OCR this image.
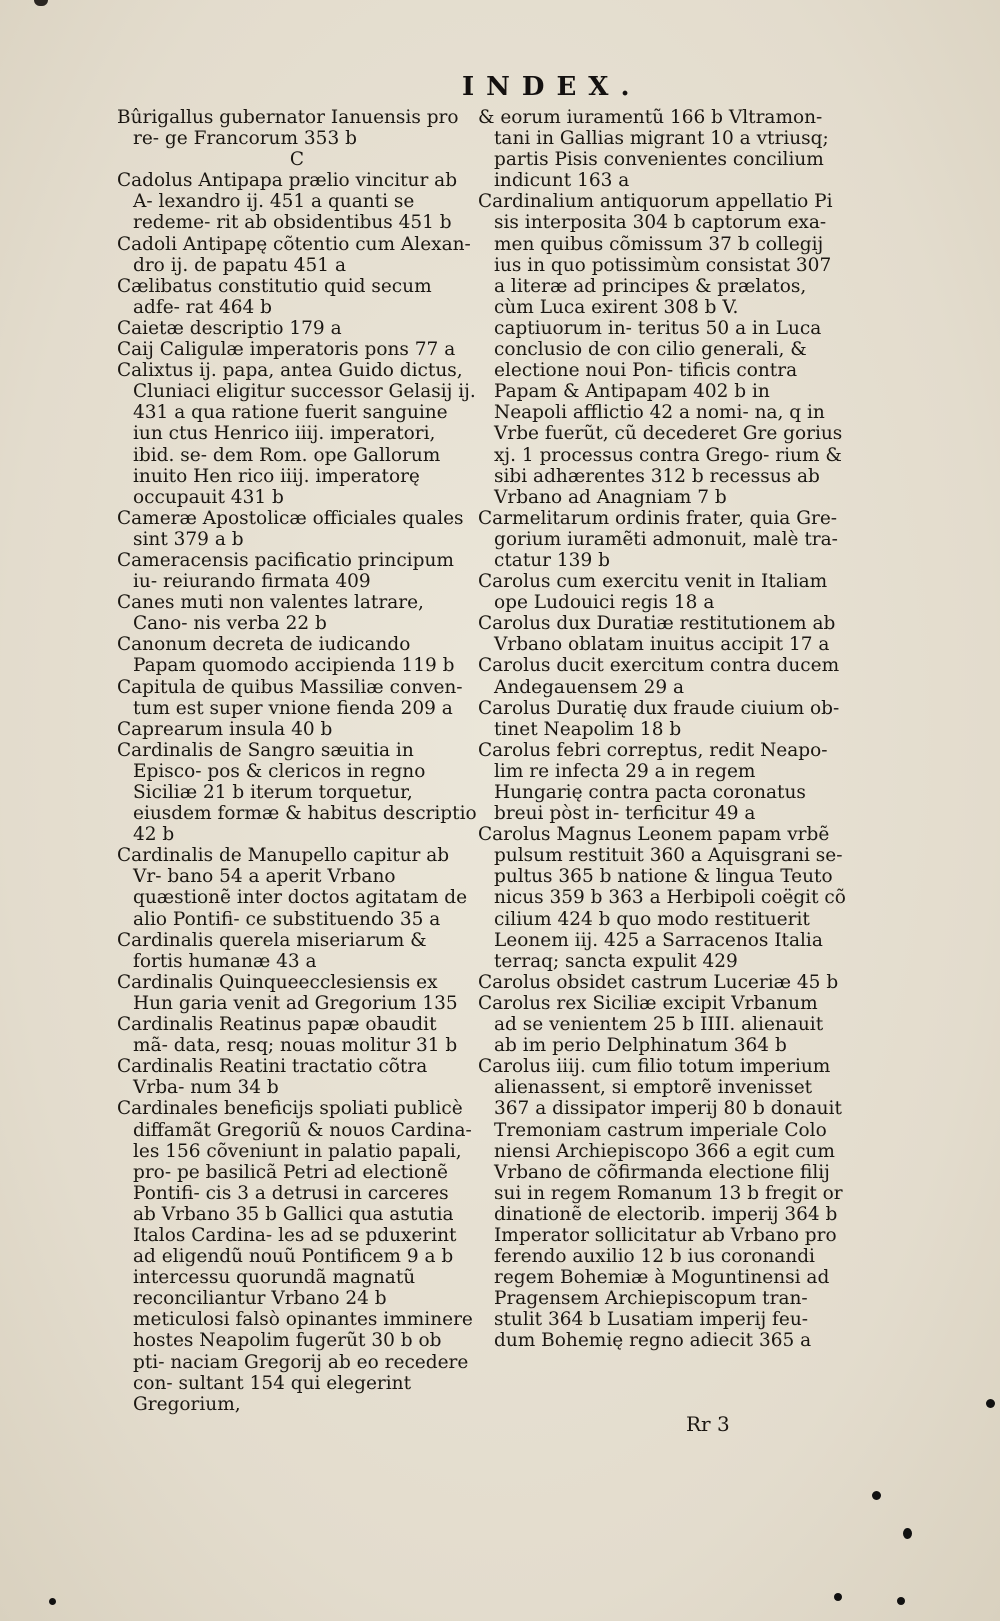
INDEX.
Bûrigallus gubernator Ianuensis pro re- ge Francorum 353 b
C
Cadolus Antipapa prælio vincitur ab A- lexandro ij. 451 a quanti se redeme- rit ab obsidentibus 451 b
Cadoli Antipapę cõtentio cum Alexan- dro ij. de papatu 451 a
Cælibatus constitutio quid secum adfe- rat 464 b
Caietæ descriptio 179 a
Caij Caligulæ imperatoris pons 77 a
Calixtus ij. papa, antea Guido dictus, Cluniaci eligitur successor Gelasij ij. 431 a qua ratione fuerit sanguine iun ctus Henrico iiij. imperatori, ibid. se- dem Rom. ope Gallorum inuito Hen rico iiij. imperatorę occupauit 431 b
Cameræ Apostolicæ officiales quales sint 379 a b
Cameracensis pacificatio principum iu- reiurando firmata 409
Canes muti non valentes latrare, Cano- nis verba 22 b
Canonum decreta de iudicando Papam quomodo accipienda 119 b
Capitula de quibus Massiliæ conven- tum est super vnione fienda 209 a
Caprearum insula 40 b
Cardinalis de Sangro sæuitia in Episco- pos & clericos in regno Siciliæ 21 b iterum torquetur, eiusdem formæ & habitus descriptio 42 b
Cardinalis de Manupello capitur ab Vr- bano 54 a aperit Vrbano quæstionẽ inter doctos agitatam de alio Pontifi- ce substituendo 35 a
Cardinalis querela miseriarum & fortis humanæ 43 a
Cardinalis Quinqueecclesiensis ex Hun garia venit ad Gregorium 135
Cardinalis Reatinus papæ obaudit mã- data, resq; nouas molitur 31 b
Cardinalis Reatini tractatio cõtra Vrba- num 34 b
Cardinales beneficijs spoliati publicè diffamãt Gregoriũ & nouos Cardina- les 156 cõveniunt in palatio papali, pro- pe basilicã Petri ad electionẽ Pontifi- cis 3 a detrusi in carceres ab Vrbano 35 b Gallici qua astutia Italos Cardina- les ad se pduxerint ad eligendũ nouũ Pontificem 9 a b intercessu quorundã magnatũ reconciliantur Vrbano 24 b meticulosi falsò opinantes imminere hostes Neapolim fugerũt 30 b ob pti- naciam Gregorij ab eo recedere con- sultant 154 qui elegerint Gregorium,
& eorum iuramentũ 166 b Vltramon- tani in Gallias migrant 10 a vtriusq; partis Pisis convenientes concilium indicunt 163 a
Cardinalium antiquorum appellatio Pi sis interposita 304 b captorum exa- men quibus cõmissum 37 b collegij ius in quo potissimùm consistat 307 a literæ ad principes & prælatos, cùm Luca exirent 308 b V. captiuorum in- teritus 50 a in Luca conclusio de con cilio generali, & electione noui Pon- tificis contra Papam & Antipapam 402 b in Neapoli afflictio 42 a nomi- na, q in Vrbe fuerũt, cũ decederet Gre gorius xj. 1 processus contra Grego- rium & sibi adhærentes 312 b recessus ab Vrbano ad Anagniam 7 b
Carmelitarum ordinis frater, quia Gre- gorium iuramẽti admonuit, malè tra- ctatur 139 b
Carolus cum exercitu venit in Italiam ope Ludouici regis 18 a
Carolus dux Duratiæ restitutionem ab Vrbano oblatam inuitus accipit 17 a
Carolus ducit exercitum contra ducem Andegauensem 29 a
Carolus Duratię dux fraude ciuium ob- tinet Neapolim 18 b
Carolus febri correptus, redit Neapo- lim re infecta 29 a in regem Hungarię contra pacta coronatus breui pòst in- terficitur 49 a
Carolus Magnus Leonem papam vrbẽ pulsum restituit 360 a Aquisgrani se- pultus 365 b natione & lingua Teuto nicus 359 b 363 a Herbipoli coëgit cõ cilium 424 b quo modo restituerit Leonem iij. 425 a Sarracenos Italia terraq; sancta expulit 429
Carolus obsidet castrum Luceriæ 45 b
Carolus rex Siciliæ excipit Vrbanum ad se venientem 25 b IIII. alienauit ab im perio Delphinatum 364 b
Carolus iiij. cum filio totum imperium alienassent, si emptorẽ invenisset 367 a dissipator imperij 80 b donauit Tremoniam castrum imperiale Colo niensi Archiepiscopo 366 a egit cum Vrbano de cõfirmanda electione filij sui in regem Romanum 13 b fregit or dinationẽ de electorib. imperij 364 b Imperator sollicitatur ab Vrbano pro ferendo auxilio 12 b ius coronandi regem Bohemiæ à Moguntinensi ad Pragensem Archiepiscopum tran- stulit 364 b Lusatiam imperij feu- dum Bohemię regno adiecit 365 a
Rr 3
